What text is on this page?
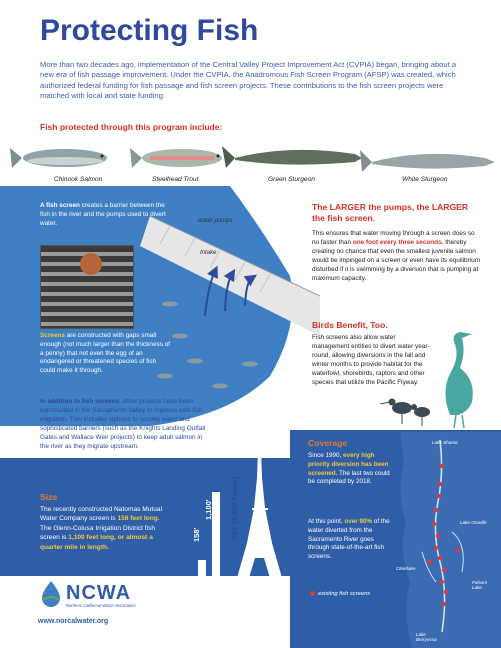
Protecting Fish
More than two decades ago, implementation of the Central Valley Project Improvement Act (CVPIA) began, bringing about a new era of fish passage improvement. Under the CVPIA, the Anadromous Fish Screen Program (AFSP) was created, which authorized federal funding for fish passage and fish screen projects. These contributions to the fish screen projects were matched with local and state funding.
Fish protected through this program include:
Chinook Salmon	Steelhead Trout	Green Sturgeon	White Sturgeon
water pumps
Intake
A fish screen creates a barrier between the fish in the river and the pumps used to divert water.
Screens are constructed with gaps small enough (not much larger than the thickness of a penny) that not even the egg of an endangered or threatened species of fish could make it through.
The LARGER the pumps, the LARGER the fish screen.
This ensures that water moving through a screen does so no faster than one foot every three seconds, thereby creating no chance that even the smallest juvenile salmon would be impinged on a screen or even have its equilibrium disturbed if it is swimming by a diversion that is pumping at maximum capacity.
Birds Benefit, Too.
Fish screens also allow water management entities to divert water year-round, allowing diversions in the fall and winter months to provide habitat for the waterfowl, shorebirds, raptors and other species that utilize the Pacific Flyway.
In addition to fish screens, other projects have been constructed in the Sacramento Valley to improve safe fish migration. This includes siphons to convey water and sophisticated barriers (such as the Knights Landing Outfall Gates and Wallace Weir projects) to keep adult salmon in the river as they migrate upstream.
Size
The recently constructed Natomas Mutual Water Company screen is 158 feet long. The Glenn-Colusa Irrigation District fish screen is 1,100 feet long, or almost a quarter mile in length.
158'
1,100' 984' (Eiffel Tower)
NCWA
Northern California Water Association
www.norcalwater.org
Coverage
Since 1990, every high priority diversion has been screened. The last two could be completed by 2018.
At this point, over 90% of the water diverted from the Sacramento River goes through state-of-the-art fish screens.
existing fish screens
Lake Shasta
Lake Oroville
Clearlake
Folsom Lake
Lake Berryessa
